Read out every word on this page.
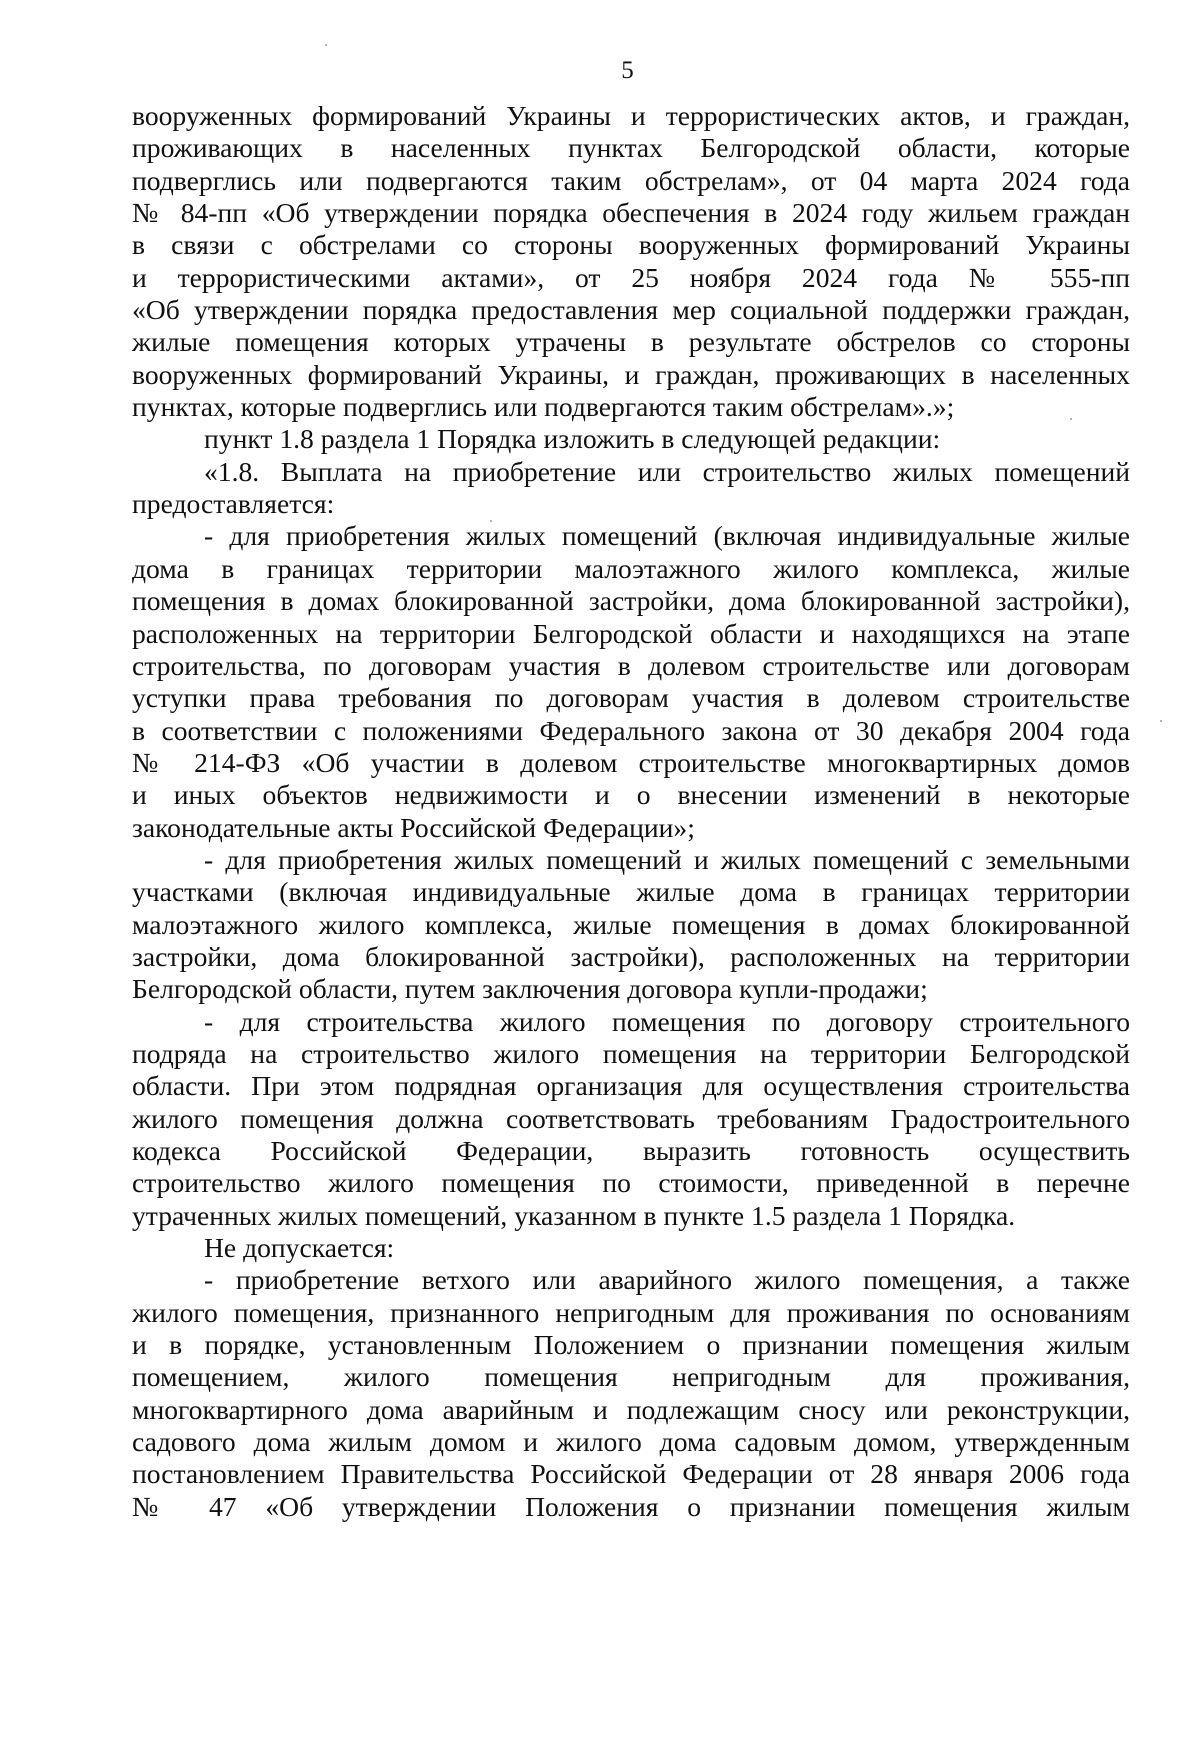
5

вооруженных формирований Украины и террористических актов, и граждан,

проживающих в населенных пунктах Белгородской области, которые

подверглись или подвергаются таким обстрелам», от 04 марта 2024 года

№ 84-пп «Об утверждении порядка обеспечения в 2024 году жильем граждан

в связи с обстрелами со стороны вооруженных формирований Украины

и террористическими актами», от 25 ноября 2024 года № 555-пп

«Об утверждении порядка предоставления мер социальной поддержки граждан,

жилые помещения которых утрачены в результате обстрелов со стороны

вооруженных формирований Украины, и граждан, проживающих в населенных

пунктах, которые подверглись или подвергаются таким обстрелам».»;

пункт 1.8 раздела 1 Порядка изложить в следующей редакции:

«1.8. Выплата на приобретение или строительство жилых помещений

предоставляется:

- для приобретения жилых помещений (включая индивидуальные жилые

дома в границах территории малоэтажного жилого комплекса, жилые

помещения в домах блокированной застройки, дома блокированной застройки),

расположенных на территории Белгородской области и находящихся на этапе

строительства, по договорам участия в долевом строительстве или договорам

уступки права требования по договорам участия в долевом строительстве

в соответствии с положениями Федерального закона от 30 декабря 2004 года

№ 214-ФЗ «Об участии в долевом строительстве многоквартирных домов

и иных объектов недвижимости и о внесении изменений в некоторые

законодательные акты Российской Федерации»;

- для приобретения жилых помещений и жилых помещений с земельными

участками (включая индивидуальные жилые дома в границах территории

малоэтажного жилого комплекса, жилые помещения в домах блокированной

застройки, дома блокированной застройки), расположенных на территории

Белгородской области, путем заключения договора купли-продажи;

- для строительства жилого помещения по договору строительного

подряда на строительство жилого помещения на территории Белгородской

области. При этом подрядная организация для осуществления строительства

жилого помещения должна соответствовать требованиям Градостроительного

кодекса Российской Федерации, выразить готовность осуществить

строительство жилого помещения по стоимости, приведенной в перечне

утраченных жилых помещений, указанном в пункте 1.5 раздела 1 Порядка.

Не допускается:

- приобретение ветхого или аварийного жилого помещения, а также

жилого помещения, признанного непригодным для проживания по основаниям

и в порядке, установленным Положением о признании помещения жилым

помещением, жилого помещения непригодным для проживания,

многоквартирного дома аварийным и подлежащим сносу или реконструкции,

садового дома жилым домом и жилого дома садовым домом, утвержденным

постановлением Правительства Российской Федерации от 28 января 2006 года

№ 47 «Об утверждении Положения о признании помещения жилым
